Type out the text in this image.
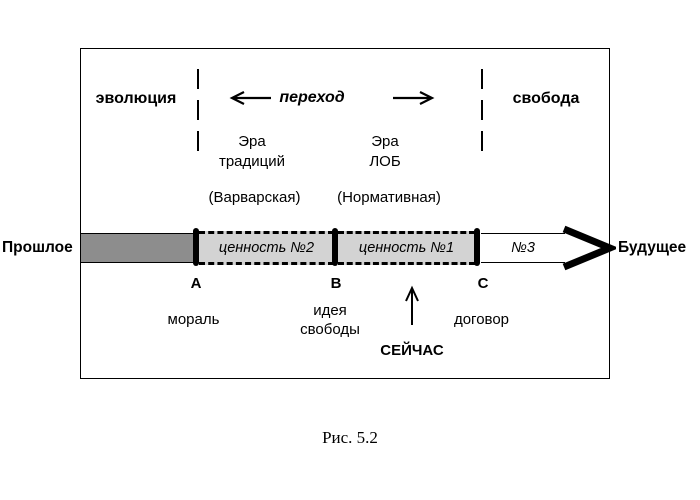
эволюция	переход	свобода
Эра традиций
Эра ЛОБ
(Варварская)	(Нормативная)
Прошлое	ценность №2	ценность №1	№3	Будущее
A	B	C
мораль
идея свободы
договор
СЕЙЧАС
Рис. 5.2
